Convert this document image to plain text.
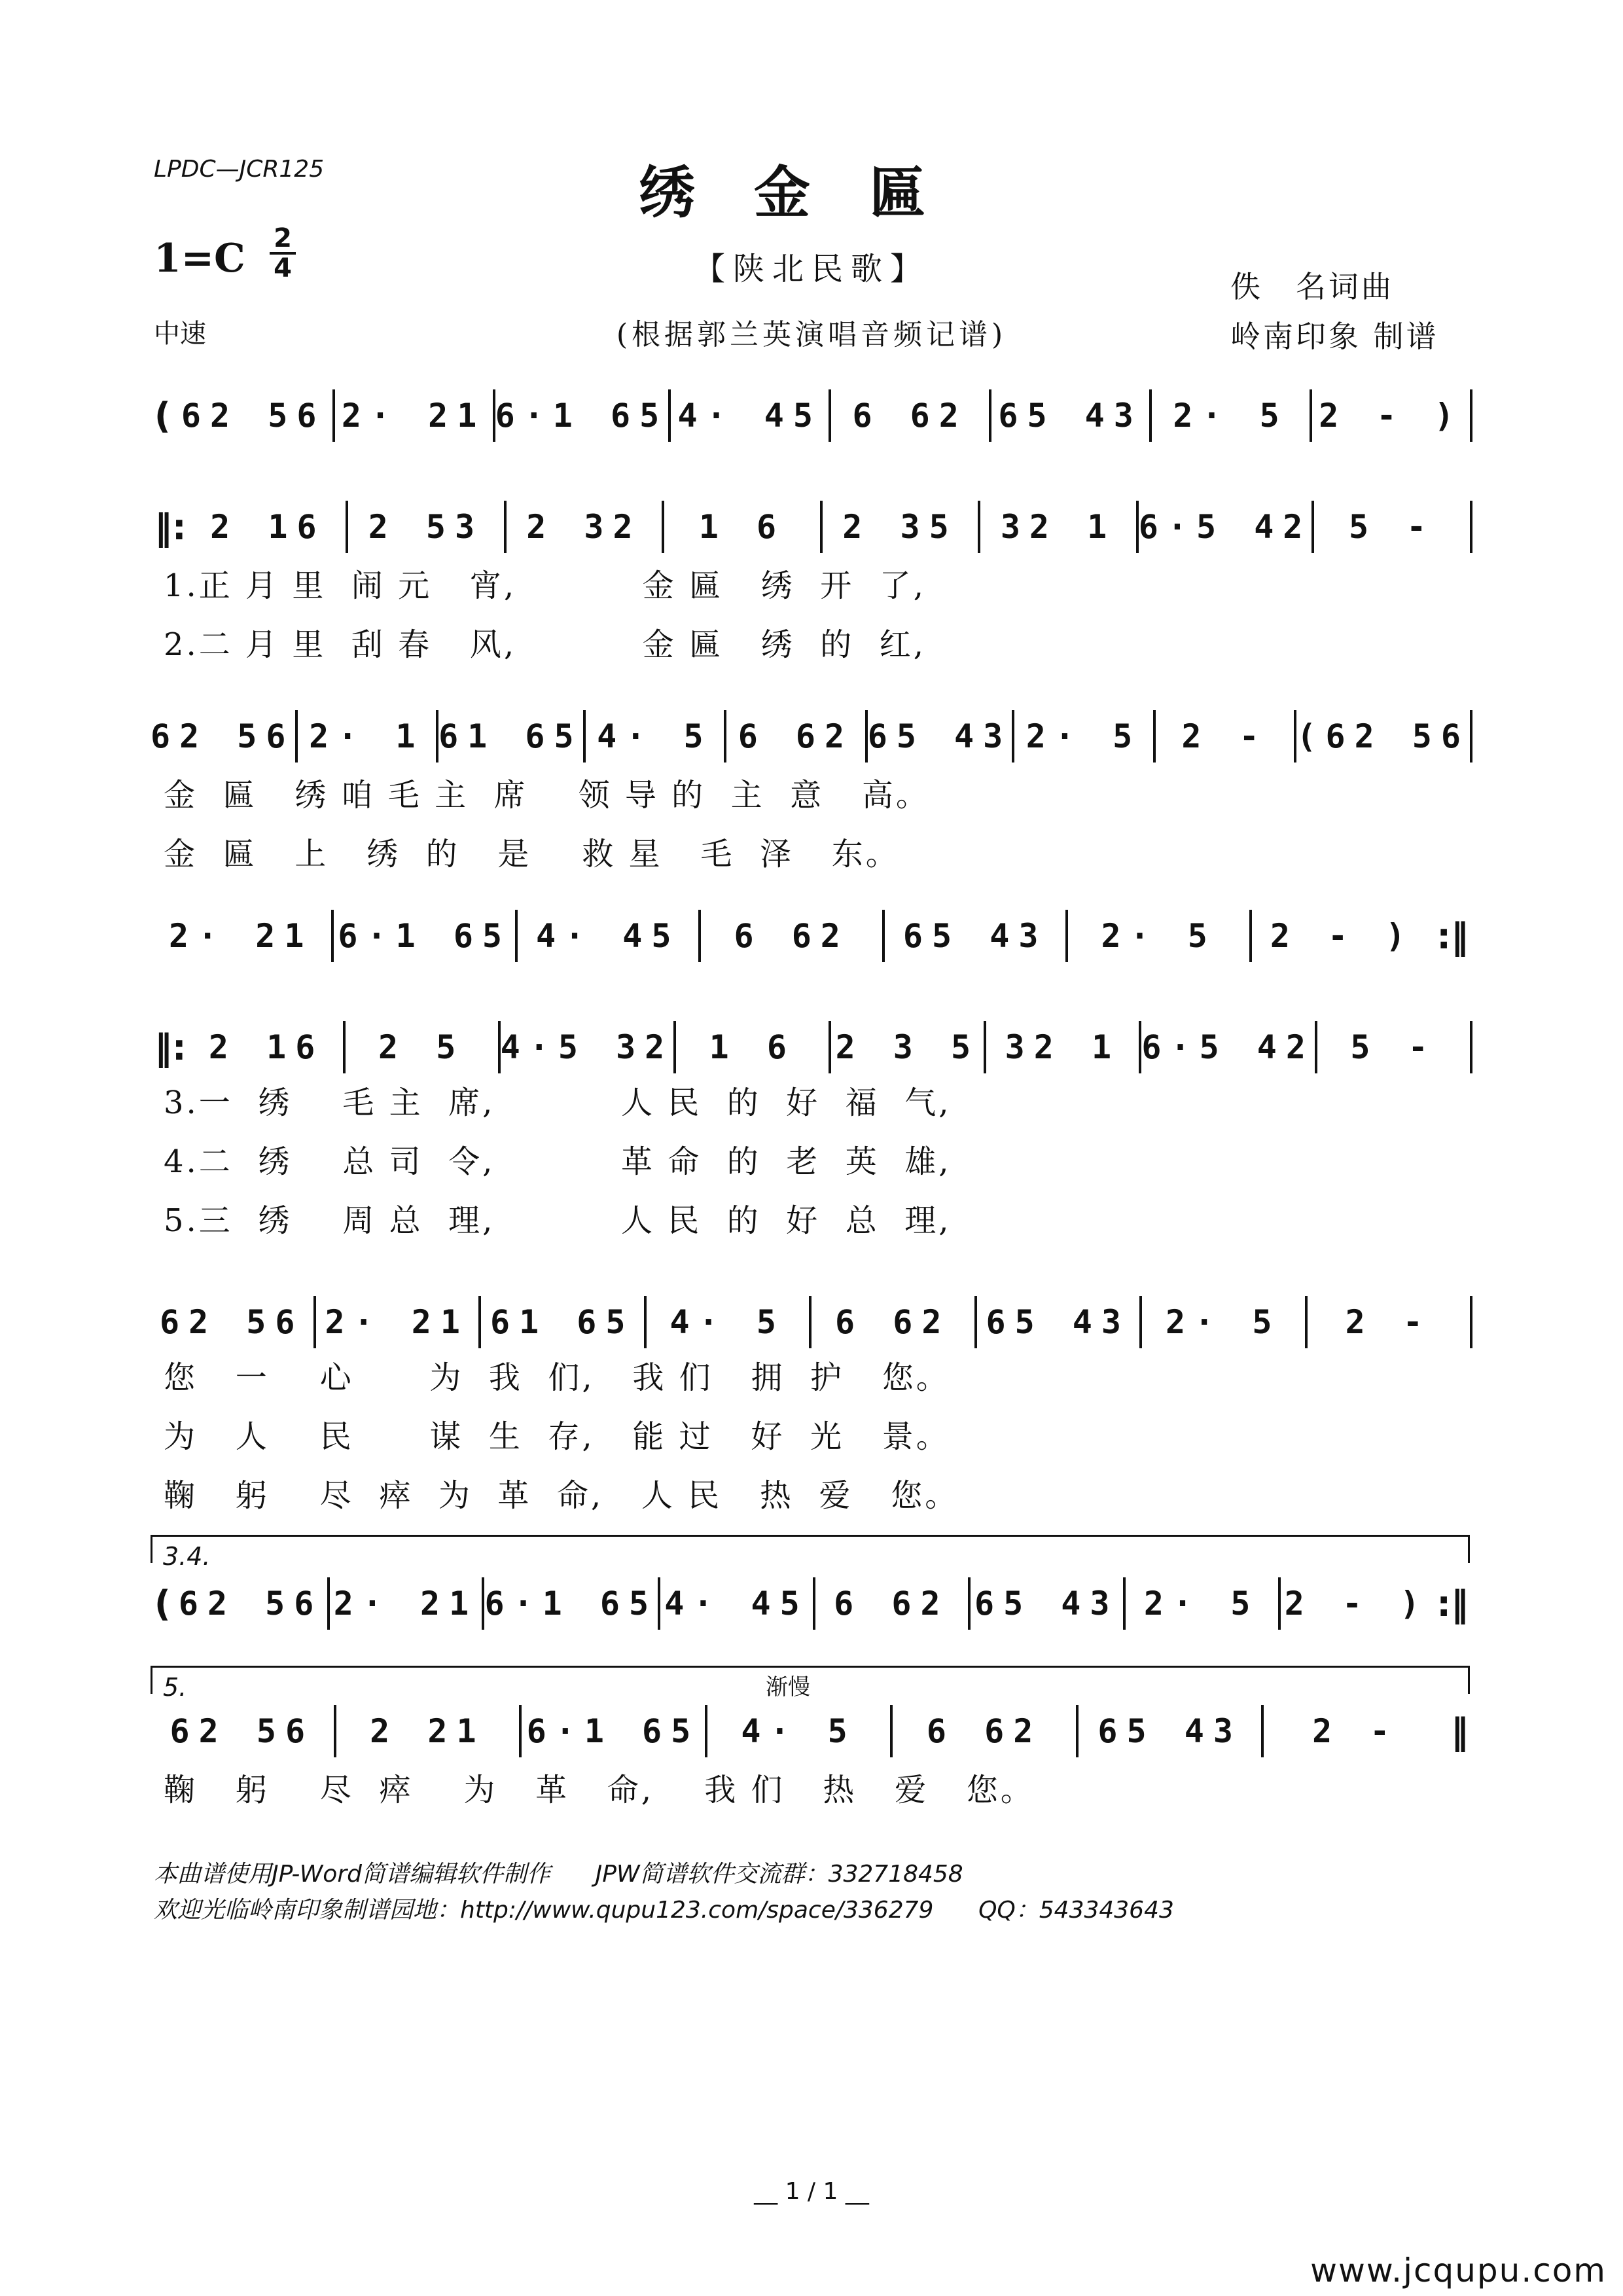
LPDC—JCR125	绣金匾
1=C 2
4	【陕北民歌】
中速	(根据郭兰英演唱音频记谱)
佚　名词曲
岭南印象 制谱
( 62 56 2· 21 6·1 65 4· 45 6 62 65 43 2· 5 2 - )
‖: 2 16	2 53	2 32	1 6	2 35	32 1 6·5 42	5 -
1.正 月 里  闹 元   宵,          金 匾   绣  开  了,
2.二 月 里  刮 春   风,          金 匾   绣  的  红,
62 56 2· 1 61 65 4· 5 6 62 65 43 2· 5	2 - (62 56
金  匾   绣 咱 毛 主  席    领 导 的  主  意   高。
金  匾   上   绣  的   是    救 星   毛  泽   东。
2· 21 6·1 65 4· 45	6 62	65 43	2· 5	2 - ) :‖
‖: 2 16	2 5	4·5 32	1 6	2 3 5 32 1 6·5 42	5 -
3.一  绣    毛 主  席,          人 民  的  好  福  气,
4.二  绣    总 司  令,          革 命  的  老  英  雄,
5.三  绣    周 总  理,          人 民  的  好  总  理,
62 56 2· 21 61 65	4· 5	6 62	65 43	2· 5	2 -
您   一    心      为  我  们,   我 们   拥  护   您。
为   人    民      谋  生  存,   能 过   好  光   景。
鞠   躬    尽  瘁  为  革  命,   人 民   热  爱   您。
3.4.
( 62 56 2· 21 6·1 65 4· 45 6 62 65 43 2· 5 2 - ) :‖
5.	渐慢
62 56	2 21	6·1 65	4· 5	6 62	65 43	2 -	‖
鞠   躬    尽  瘁    为   革   命,    我 们   热   爱   您。
本曲谱使用JP-Word简谱编辑软件制作      JPW简谱软件交流群：332718458
欢迎光临岭南印象制谱园地：http://www.qupu123.com/space/336279      QQ：543343643
__ 1 / 1 __
www.jcqupu.com
